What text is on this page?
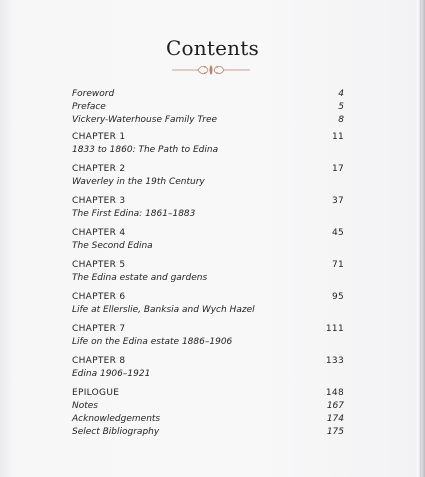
Contents
Foreword	4
Preface	5
Vickery-Waterhouse Family Tree	8
CHAPTER 1	11
1833 to 1860: The Path to Edina
CHAPTER 2	17
Waverley in the 19th Century
CHAPTER 3	37
The First Edina: 1861–1883
CHAPTER 4	45
The Second Edina
CHAPTER 5	71
The Edina estate and gardens
CHAPTER 6	95
Life at Ellerslie, Banksia and Wych Hazel
CHAPTER 7	111
Life on the Edina estate 1886–1906
CHAPTER 8	133
Edina 1906–1921
EPILOGUE	148
Notes	167
Acknowledgements	174
Select Bibliography	175
